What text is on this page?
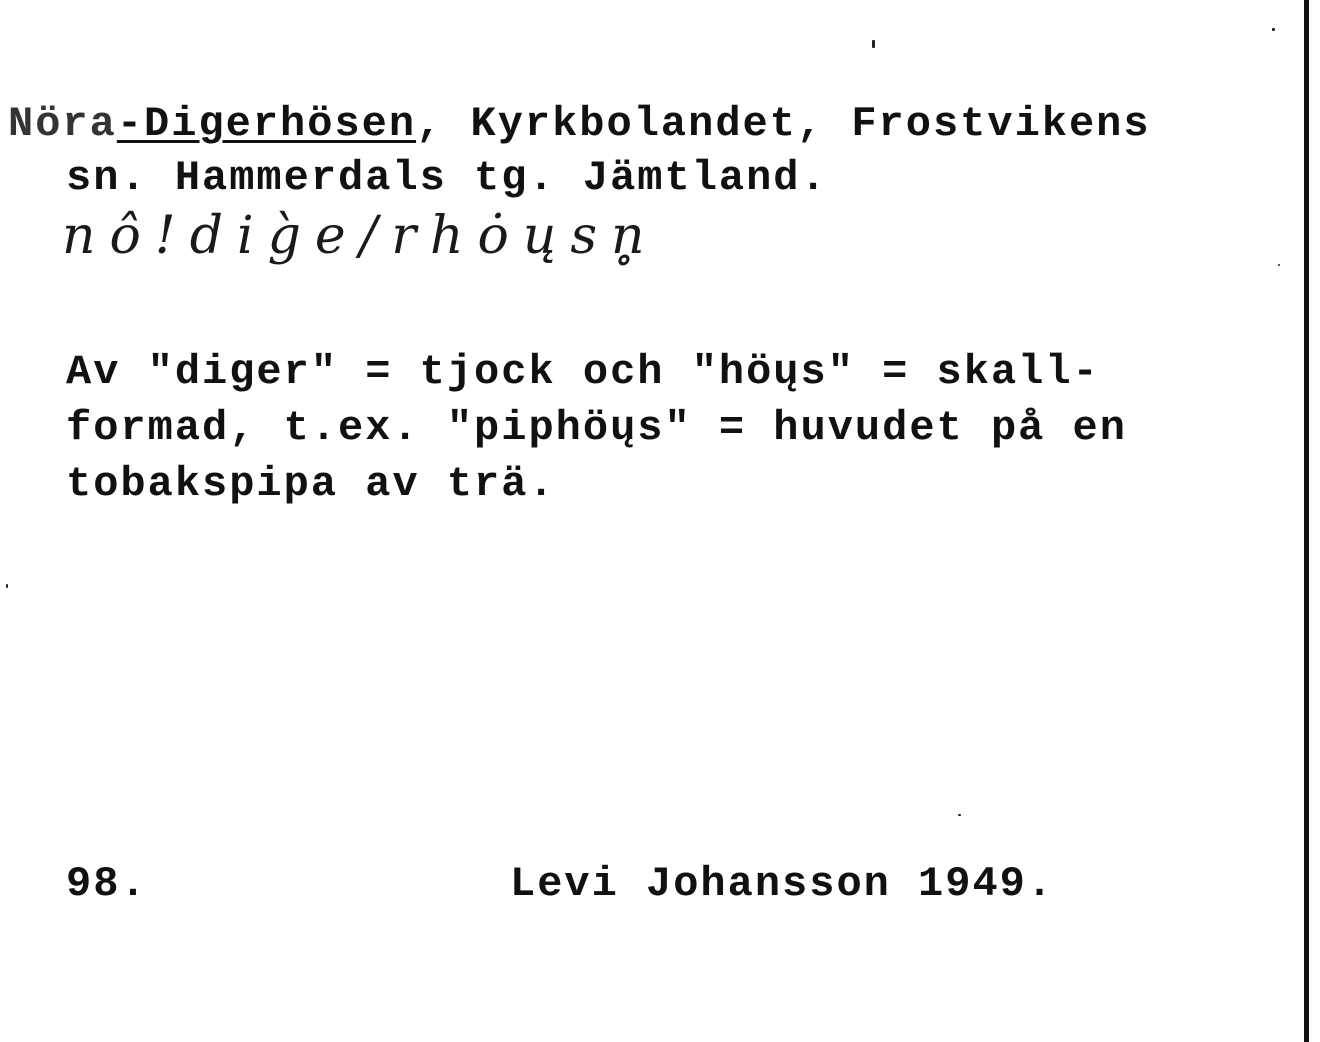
Nöra-Digerhösen, Kyrkbolandet, Frostvikens
sn. Hammerdals tg. Jämtland.
nô!dig̀e/rhȯųsn̥
Av "diger" = tjock och "höųs" = skall-
formad, t.ex. "piphöųs" = huvudet på en
tobakspipa av trä.
98.	Levi Johansson 1949.
